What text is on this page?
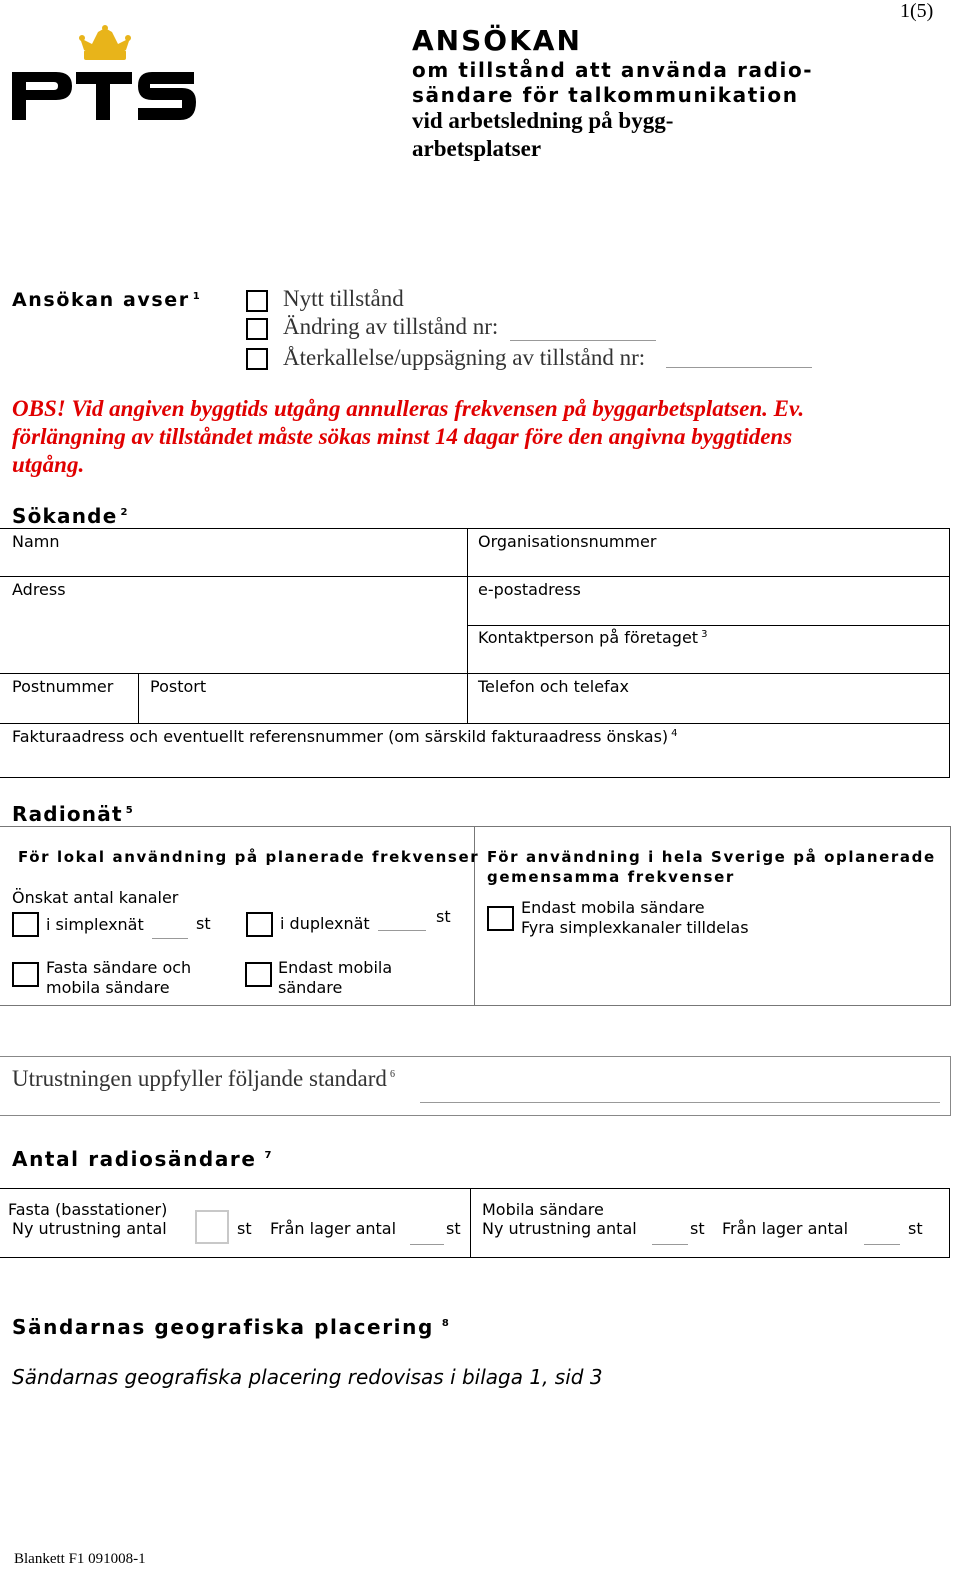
1(5)
ANSÖKAN
om tillstånd att använda radio-
sändare för talkommunikation
vid arbetsledning på bygg-
arbetsplatser
Ansökan avser $^1$	Nytt tillstånd
Ändring av tillstånd nr:
Återkallelse/uppsägning av tillstånd nr:
OBS! Vid angiven byggtids utgång annulleras frekvensen på byggarbetsplatsen. Ev.
förlängning av tillståndet måste sökas minst 14 dagar före den angivna byggtidens
utgång.
Sökande $^2$
Namn	Organisationsnummer
Adress	e-postadress
Kontaktperson på företaget $^3$
Postnummer Postort	Telefon och telefax
Fakturaadress och eventuellt referensnummer (om särskild fakturaadress önskas) $^4$
Radionät $^5$
För lokal användning på planerade frekvenser
Önskat antal kanaler
i simplexnät	st	i duplexnät	st
Fasta sändare och
mobila sändare
Endast mobila
sändare
För användning i hela Sverige på oplanerade
gemensamma frekvenser
Endast mobila sändare
Fyra simplexkanaler tilldelas
Utrustningen uppfyller följande standard $^6$
Antal radiosändare $^7$
Fasta (basstationer)
Ny utrustning antal	st Från lager antal	st
Mobila sändare
Ny utrustning antal	st Från lager antal	st
Sändarnas geografiska placering $^8$
Sändarnas geografiska placering redovisas i bilaga 1, sid 3
Blankett F1 091008-1
